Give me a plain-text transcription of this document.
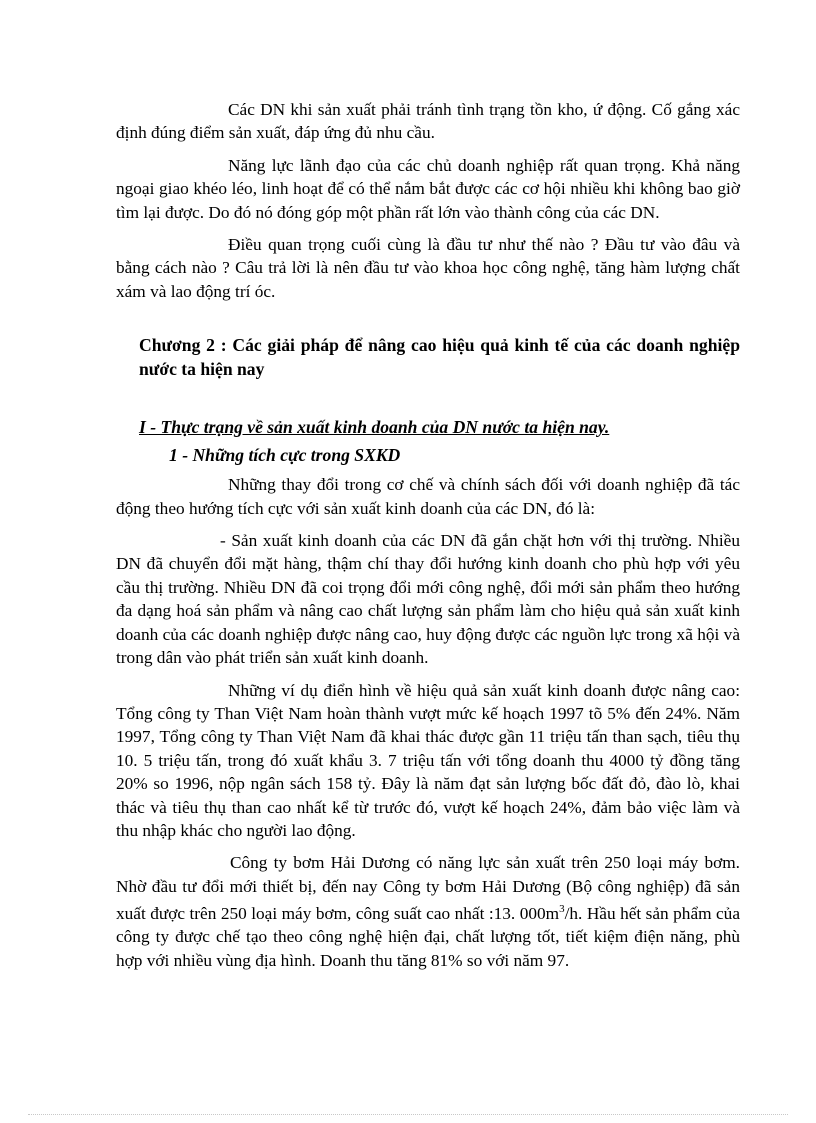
Các DN khi sản xuất phải tránh tình trạng tồn kho, ứ động. Cố gắng xác định đúng điểm sản xuất, đáp ứng đủ nhu cầu.

Năng lực lãnh đạo của các chủ doanh nghiệp rất quan trọng. Khả năng ngoại giao khéo léo, linh hoạt để có thể nắm bắt được các cơ hội nhiều khi không bao giờ tìm lại được. Do đó nó đóng góp một phần rất lớn vào thành công của các DN.

Điều quan trọng cuối cùng là đầu tư như thế nào ? Đầu tư vào đâu và bằng cách nào ? Câu trả lời là nên đầu tư vào khoa học công nghệ, tăng hàm lượng chất xám và lao động trí óc.

Chương 2 : Các giải pháp để nâng cao hiệu quả kinh tế của các doanh nghiệp nước ta hiện nay
I - Thực trạng về sản xuất kinh doanh của DN nước ta hiện nay.
1 - Những tích cực trong SXKD

Những thay đổi trong cơ chế và chính sách đối với doanh nghiệp đã tác động theo hướng tích cực với sản xuất kinh doanh của các DN, đó là:

- Sản xuất kinh doanh của các DN đã gắn chặt hơn với thị trường. Nhiều DN đã chuyển đổi mặt hàng, thậm chí thay đổi hướng kinh doanh cho phù hợp với yêu cầu thị trường. Nhiều DN đã coi trọng đổi mới công nghệ, đổi mới sản phẩm theo hướng đa dạng hoá sản phẩm và nâng cao chất lượng sản phẩm làm cho hiệu quả sản xuất kinh doanh của các doanh nghiệp được nâng cao, huy động được các nguồn lực trong xã hội và trong dân vào phát triển sản xuất kinh doanh.

Những ví dụ điển hình về hiệu quả sản xuất kinh doanh được nâng cao: Tổng công ty Than Việt Nam hoàn thành vượt mức kế hoạch 1997 tõ 5% đến 24%. Năm 1997, Tổng công ty Than Việt Nam đã khai thác được gần 11 triệu tấn than sạch, tiêu thụ 10. 5 triệu tấn, trong đó xuất khẩu 3. 7 triệu tấn với tổng doanh thu 4000 tỷ đồng tăng 20% so 1996, nộp ngân sách 158 tỷ. Đây là năm đạt sản lượng bốc đất đỏ, đào lò, khai thác và tiêu thụ than cao nhất kể từ trước đó, vượt kế hoạch 24%, đảm bảo việc làm và thu nhập khác cho người lao động.

Công ty bơm Hải Dương có năng lực sản xuất trên 250 loại máy bơm. Nhờ đầu tư đổi mới thiết bị, đến nay Công ty bơm Hải Dương (Bộ công nghiệp) đã sản xuất được trên 250 loại máy bơm, công suất cao nhất :13. $000m^3/h$. Hầu hết sản phẩm của công ty được chế tạo theo công nghệ hiện đại, chất lượng tốt, tiết kiệm điện năng, phù hợp với nhiều vùng địa hình. Doanh thu tăng 81% so với năm 97.
